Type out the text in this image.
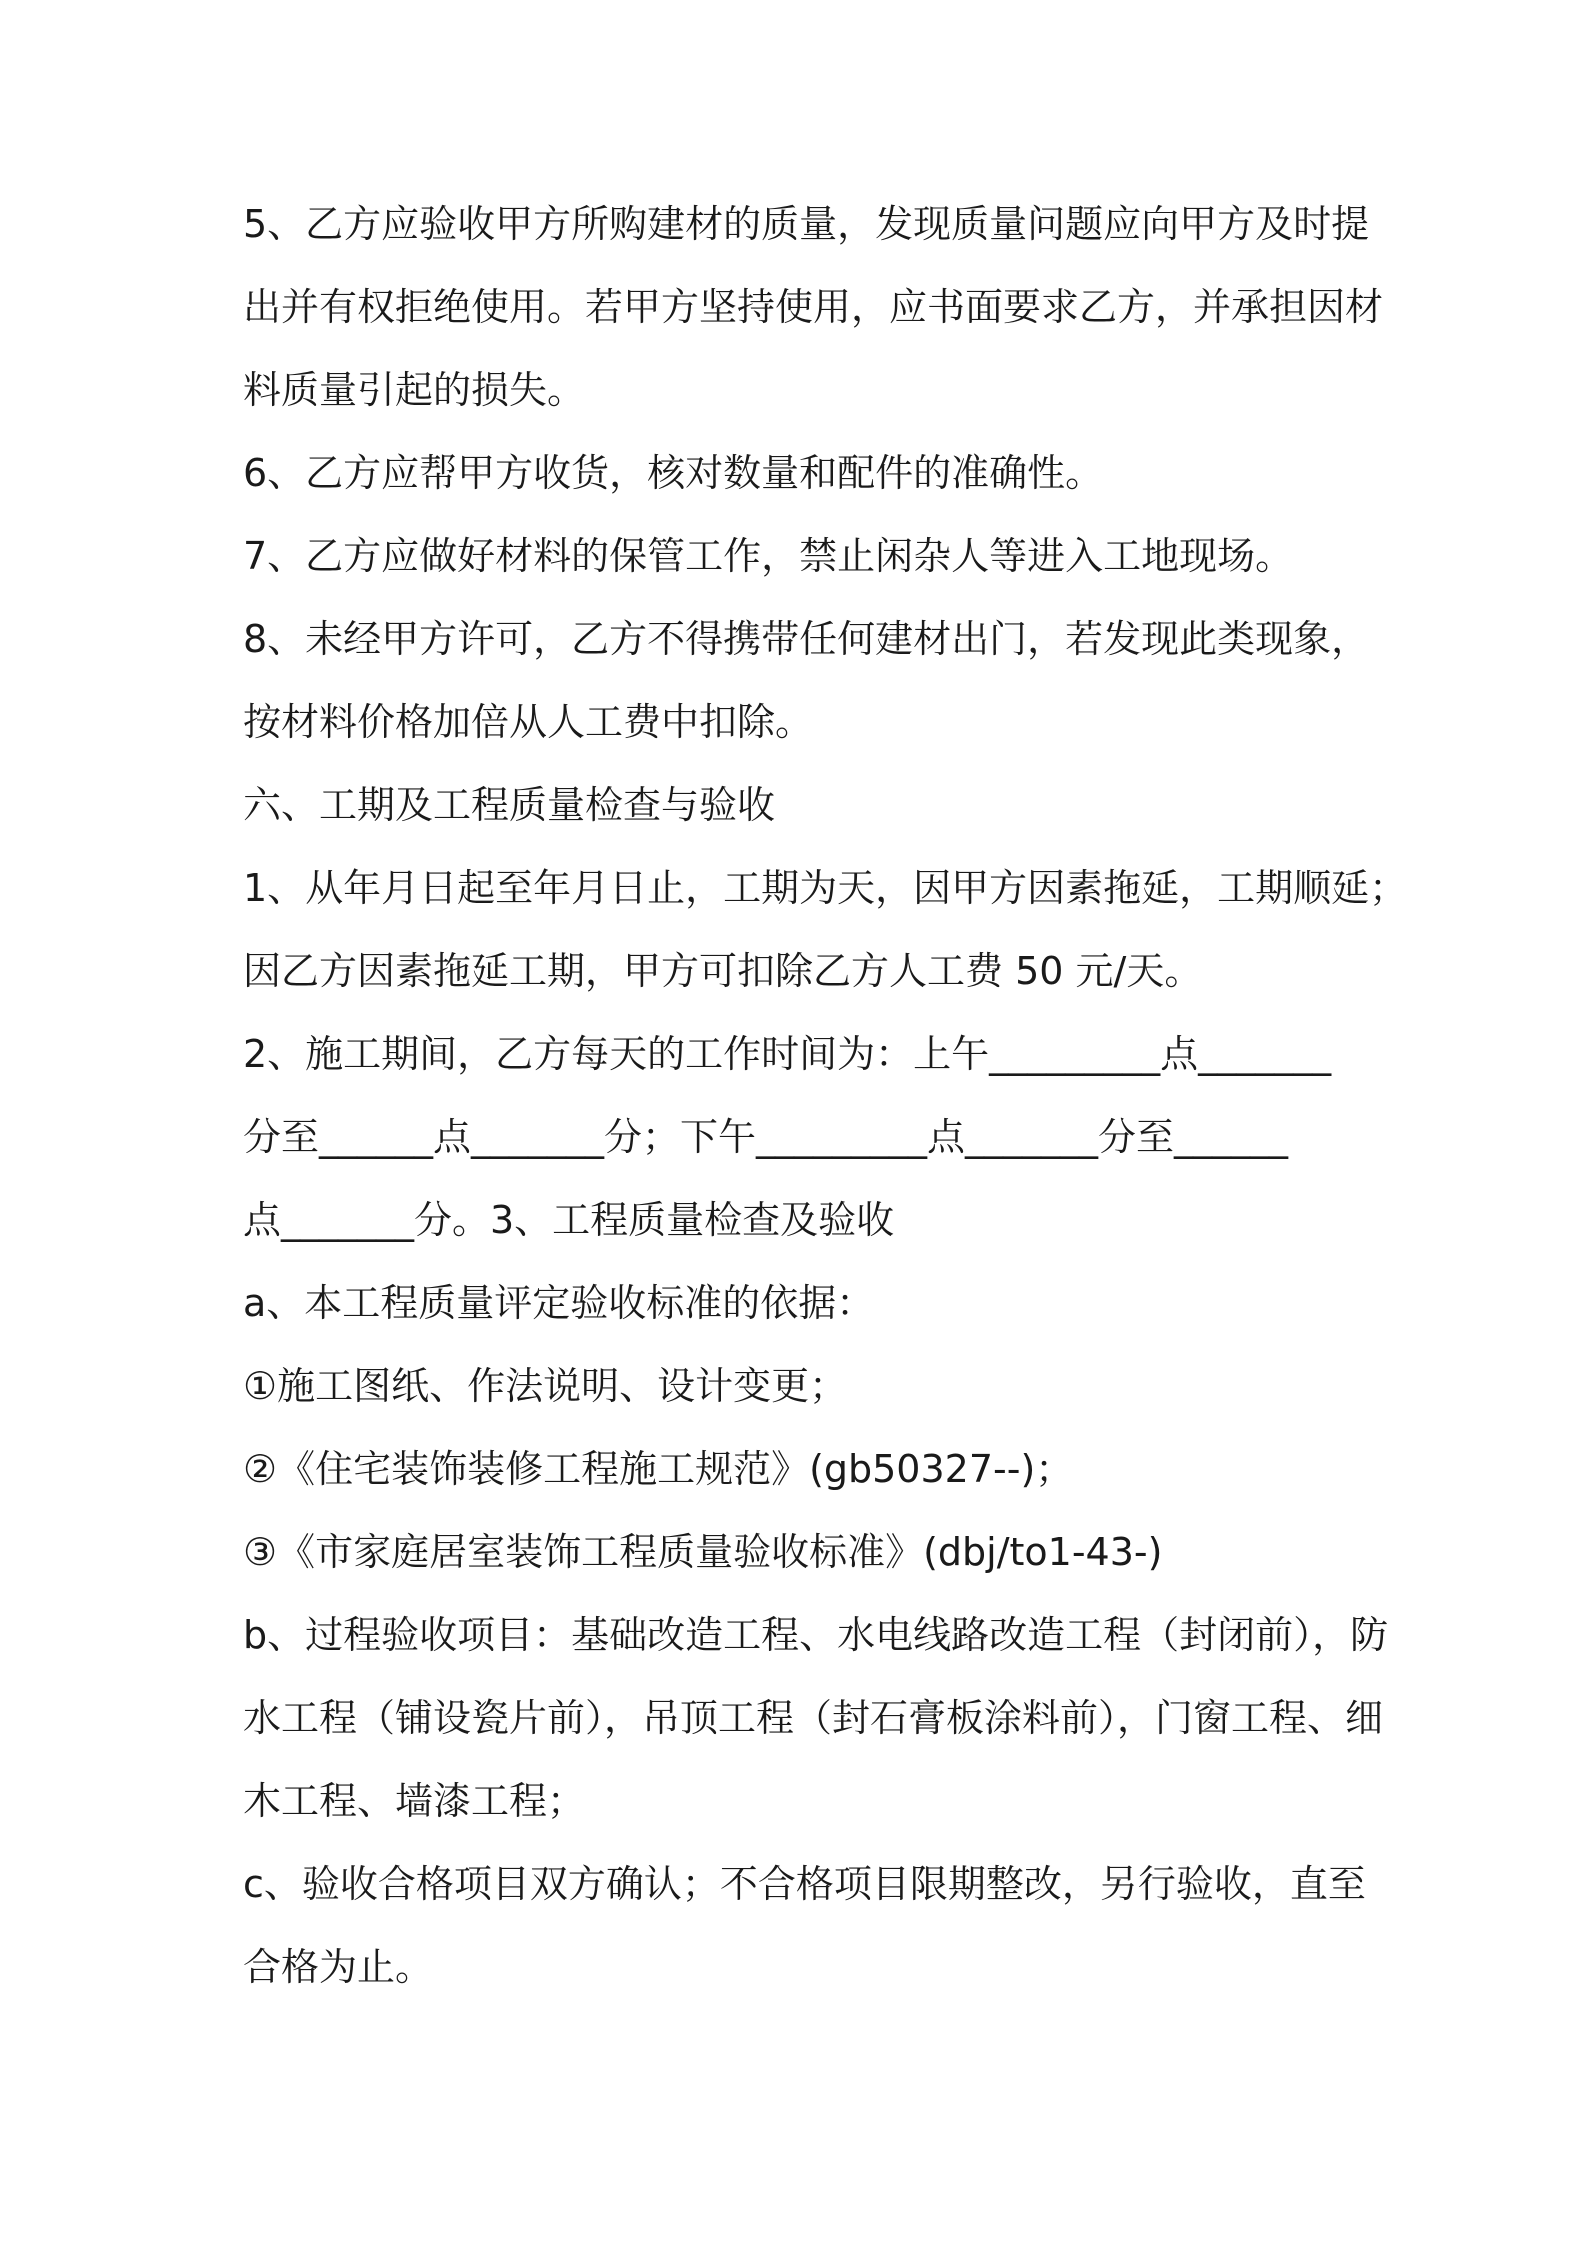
5、乙方应验收甲方所购建材的质量，发现质量问题应向甲方及时提
出并有权拒绝使用。若甲方坚持使用，应书面要求乙方，并承担因材
料质量引起的损失。
6、乙方应帮甲方收货，核对数量和配件的准确性。
7、乙方应做好材料的保管工作，禁止闲杂人等进入工地现场。
8、未经甲方许可，乙方不得携带任何建材出门，若发现此类现象，
按材料价格加倍从人工费中扣除。
六、工期及工程质量检查与验收
1、从年月日起至年月日止，工期为天，因甲方因素拖延，工期顺延；
因乙方因素拖延工期，甲方可扣除乙方人工费 50 元/天。
2、施工期间，乙方每天的工作时间为：上午_________点_______
分至______点_______分；下午_________点_______分至______
点_______分。3、工程质量检查及验收
a、本工程质量评定验收标准的依据：
①施工图纸、作法说明、设计变更；
②《住宅装饰装修工程施工规范》(gb50327--)；
③《市家庭居室装饰工程质量验收标准》(dbj/to1-43-)
b、过程验收项目：基础改造工程、水电线路改造工程（封闭前），防
水工程（铺设瓷片前），吊顶工程（封石膏板涂料前），门窗工程、细
木工程、墙漆工程；
c、验收合格项目双方确认；不合格项目限期整改，另行验收，直至
合格为止。
